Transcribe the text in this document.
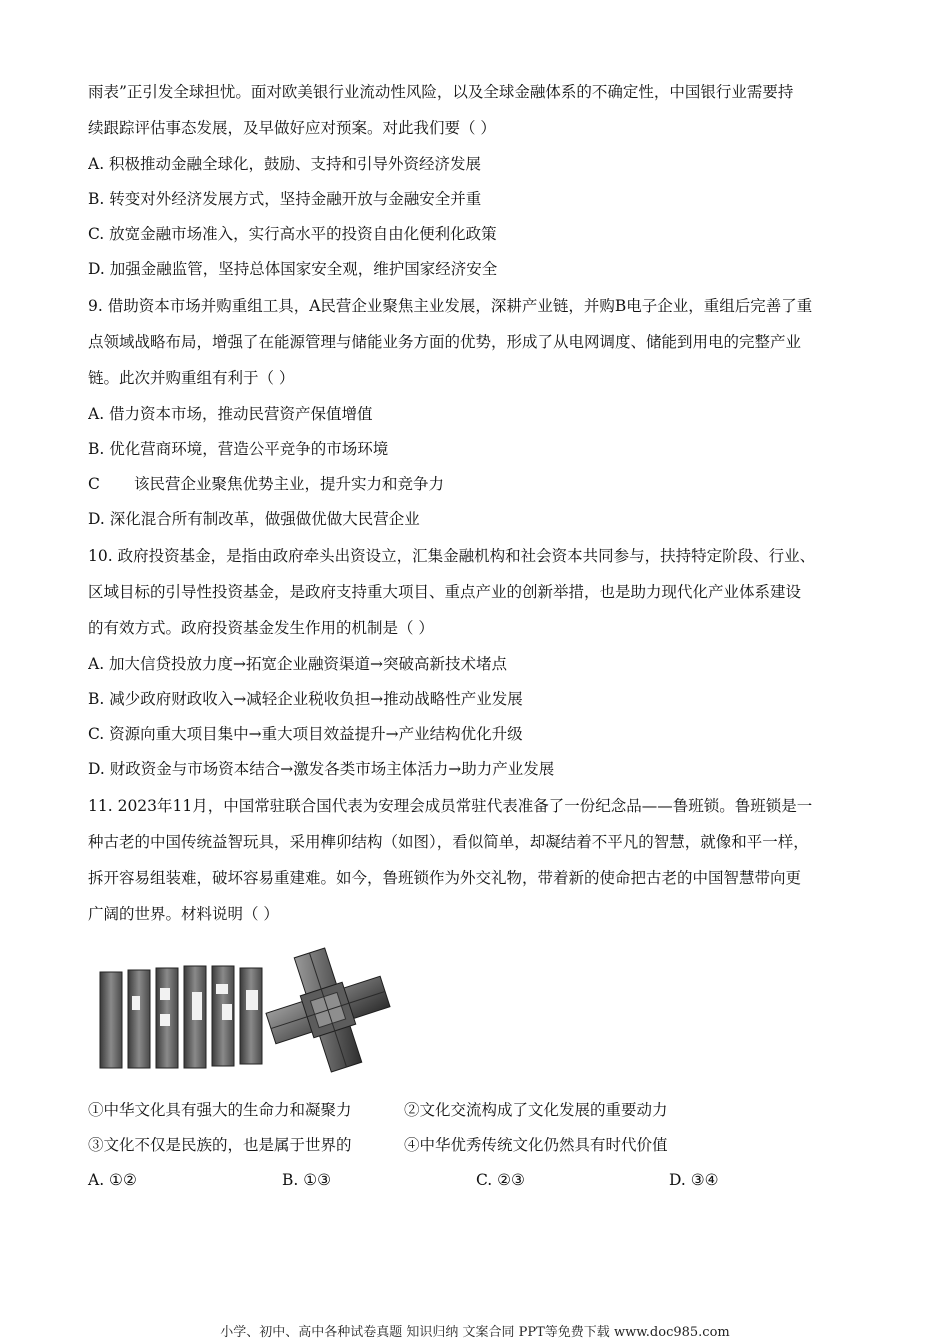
雨表”正引发全球担忧。面对欧美银行业流动性风险，以及全球金融体系的不确定性，中国银行业需要持
续跟踪评估事态发展，及早做好应对预案。对此我们要（ ）
A. 积极推动金融全球化，鼓励、支持和引导外资经济发展
B. 转变对外经济发展方式，坚持金融开放与金融安全并重
C. 放宽金融市场准入，实行高水平的投资自由化便利化政策
D. 加强金融监管，坚持总体国家安全观，维护国家经济安全
9. 借助资本市场并购重组工具，A民营企业聚焦主业发展，深耕产业链，并购B电子企业，重组后完善了重
点领域战略布局，增强了在能源管理与储能业务方面的优势，形成了从电网调度、储能到用电的完整产业
链。此次并购重组有利于（ ）
A. 借力资本市场，推动民营资产保值增值
B. 优化营商环境，营造公平竞争的市场环境
C 该民营企业聚焦优势主业，提升实力和竞争力
D. 深化混合所有制改革，做强做优做大民营企业
10. 政府投资基金，是指由政府牵头出资设立，汇集金融机构和社会资本共同参与，扶持特定阶段、行业、
区域目标的引导性投资基金，是政府支持重大项目、重点产业的创新举措，也是助力现代化产业体系建设
的有效方式。政府投资基金发生作用的机制是（ ）
A. 加大信贷投放力度→拓宽企业融资渠道→突破高新技术堵点
B. 减少政府财政收入→减轻企业税收负担→推动战略性产业发展
C. 资源向重大项目集中→重大项目效益提升→产业结构优化升级
D. 财政资金与市场资本结合→激发各类市场主体活力→助力产业发展
11. 2023年11月，中国常驻联合国代表为安理会成员常驻代表准备了一份纪念品——鲁班锁。鲁班锁是一
种古老的中国传统益智玩具，采用榫卯结构（如图），看似简单，却凝结着不平凡的智慧，就像和平一样，
拆开容易组装难，破坏容易重建难。如今，鲁班锁作为外交礼物，带着新的使命把古老的中国智慧带向更
广阔的世界。材料说明（ ）
①中华文化具有强大的生命力和凝聚力	②文化交流构成了文化发展的重要动力
③文化不仅是民族的，也是属于世界的	④中华优秀传统文化仍然具有时代价值
A. ①②	B. ①③	C. ②③	D. ③④
小学、初中、高中各种试卷真题 知识归纳 文案合同 PPT等免费下载 www.doc985.com
